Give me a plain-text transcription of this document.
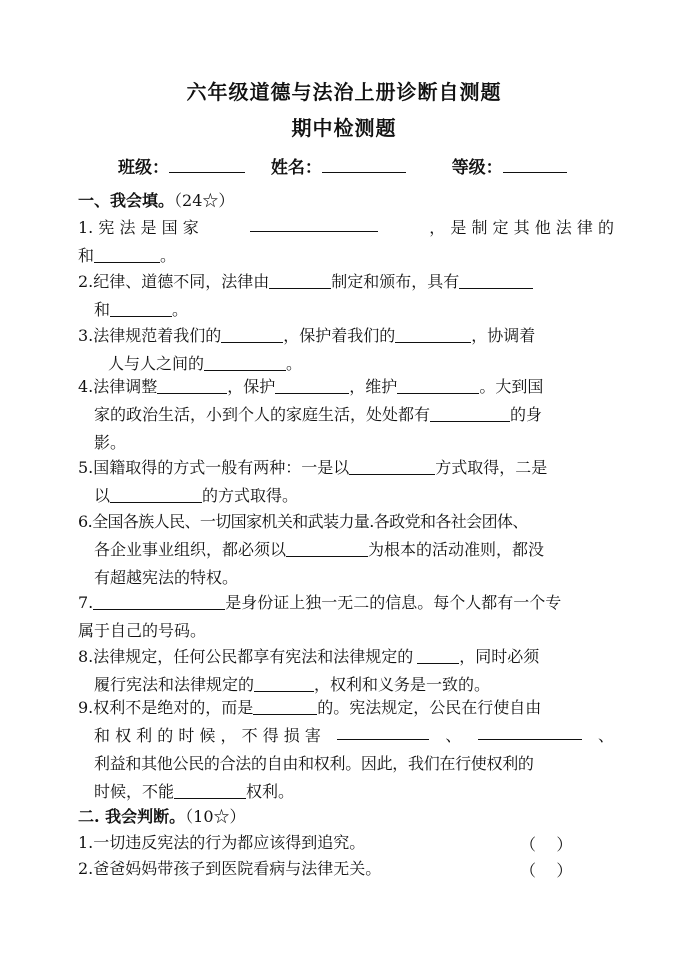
六年级道德与法治上册诊断自测题
期中检测题
班级：	姓名：	等级：
一、我会填。（24☆）
1. 宪 法 是 国 家	， 是 制 定 其 他 法 律 的
和	。
2.纪律、道德不同，法律由	制定和颁布，具有
和	。
3.法律规范着我们的	，保护着我们的	，协调着
人与人之间的	。
4.法律调整	，保护	，维护	。大到国
家的政治生活，小到个人的家庭生活，处处都有	的身
影。
5.国籍取得的方式一般有两种：一是以	方式取得，二是
以	的方式取得。
6.全国各族人民、一切国家机关和武装力量.各政党和各社会团体、
各企业事业组织，都必须以	为根本的活动准则，都没
有超越宪法的特权。
7.	是身份证上独一无二的信息。每个人都有一个专
属于自己的号码。
8.法律规定，任何公民都享有宪法和法律规定的	，同时必须
履行宪法和法律规定的	，权利和义务是一致的。
9.权利不是绝对的，而是	的。宪法规定，公民在行使自由
和 权 利 的 时 候 ， 不 得 损 害	、	、
利益和其他公民的合法的自由和权利。因此，我们在行使权利的
时候，不能	权利。
二. 我会判断。（10☆）
1.一切违反宪法的行为都应该得到追究。	（    ）
2.爸爸妈妈带孩子到医院看病与法律无关。	（    ）
